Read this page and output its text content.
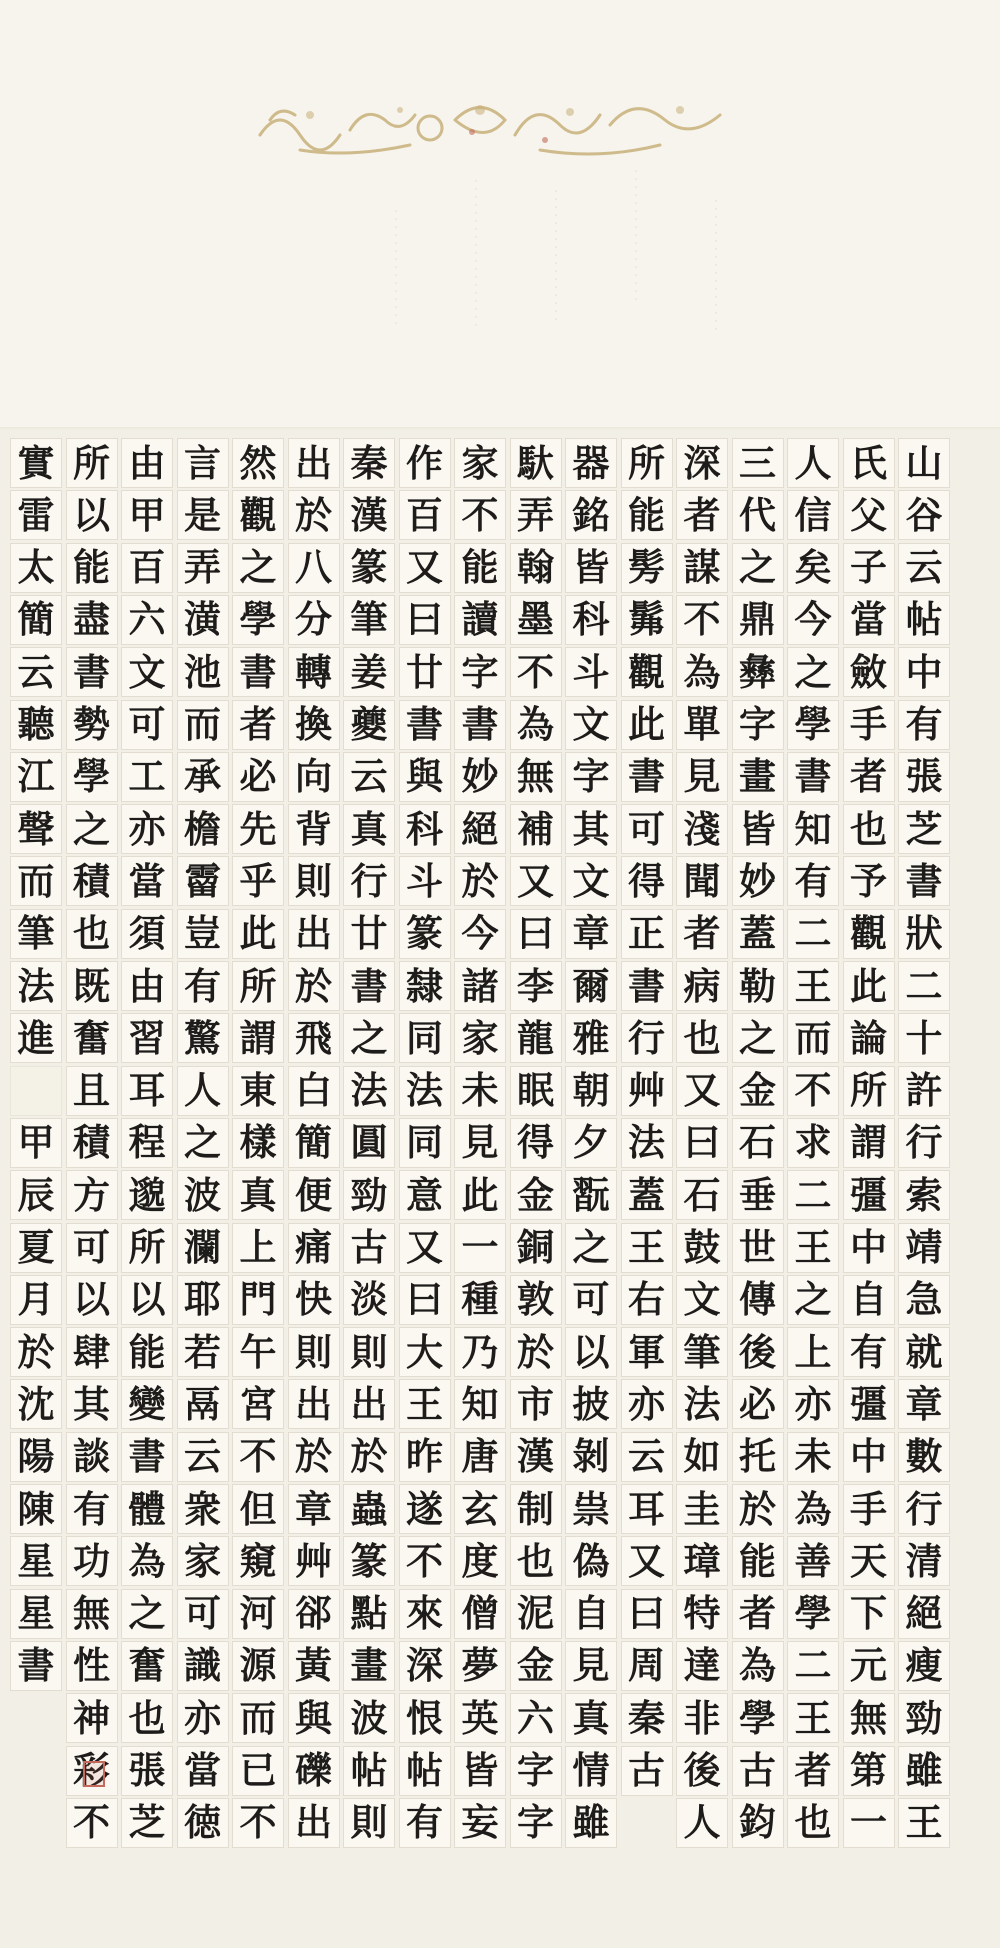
山
谷
云
帖
中
有
張
芝
書
狀
二
十
許
行
索
靖
急
就
章
數
行
清
絕
瘦
勁
雖
王
氏
父
子
當
斂
手
者
也
予
觀
此
論
所
謂
彊
中
自
有
彊
中
手
天
下
元
無
第
一
人
信
矣
今
之
學
書
知
有
二
王
而
不
求
二
王
之
上
亦
未
為
善
學
二
王
者
也
三
代
之
鼎
彝
字
畫
皆
妙
蓋
勒
之
金
石
垂
世
傳
後
必
托
於
能
者
為
學
古
鈞
深
者
謀
不
為
單
見
淺
聞
者
病
也
又
曰
石
鼓
文
筆
法
如
圭
璋
特
達
非
後
人
所
能
髣
髴
觀
此
書
可
得
正
書
行
艸
法
蓋
王
右
軍
亦
云
耳
又
曰
周
秦
古
器
銘
皆
科
斗
文
字
其
文
章
爾
雅
朝
夕
翫
之
可
以
披
剝
祟
偽
自
見
真
情
雖
馱
弄
翰
墨
不
為
無
補
又
曰
李
龍
眠
得
金
銅
敦
於
市
漢
制
也
泥
金
六
字
字
家
不
能
讀
字
書
妙
絕
於
今
諸
家
未
見
此
一
種
乃
知
唐
玄
度
僧
夢
英
皆
妄
作
百
又
曰
廿
書
與
科
斗
篆
隸
同
法
同
意
又
曰
大
王
昨
遂
不
來
深
恨
帖
有
秦
漢
篆
筆
姜
夔
云
真
行
廿
書
之
法
圓
勁
古
淡
則
出
於
蟲
篆
點
畫
波
帖
則
出
於
八
分
轉
換
向
背
則
出
於
飛
白
簡
便
痛
快
則
出
於
章
艸
郤
黃
與
礫
出
然
觀
之
學
書
者
必
先
乎
此
所
謂
東
樣
真
上
門
午
宮
不
但
窺
河
源
而
已
不
言
是
弄
潢
池
而
承
檐
霤
豈
有
驚
人
之
波
瀾
耶
若
鬲
云
衆
家
可
識
亦
當
徳
由
甲
百
六
文
可
工
亦
當
須
由
習
耳
程
邈
所
以
能
變
書
體
為
之
奮
也
張
芝
所
以
能
盡
書
勢
學
之
積
也
既
奮
且
積
方
可
以
肆
其
談
有
功
無
性
神
彩
不
實
雷
太
簡
云
聽
江
聲
而
筆
法
進
甲
辰
夏
月
於
沈
陽
陳
星
星
書
